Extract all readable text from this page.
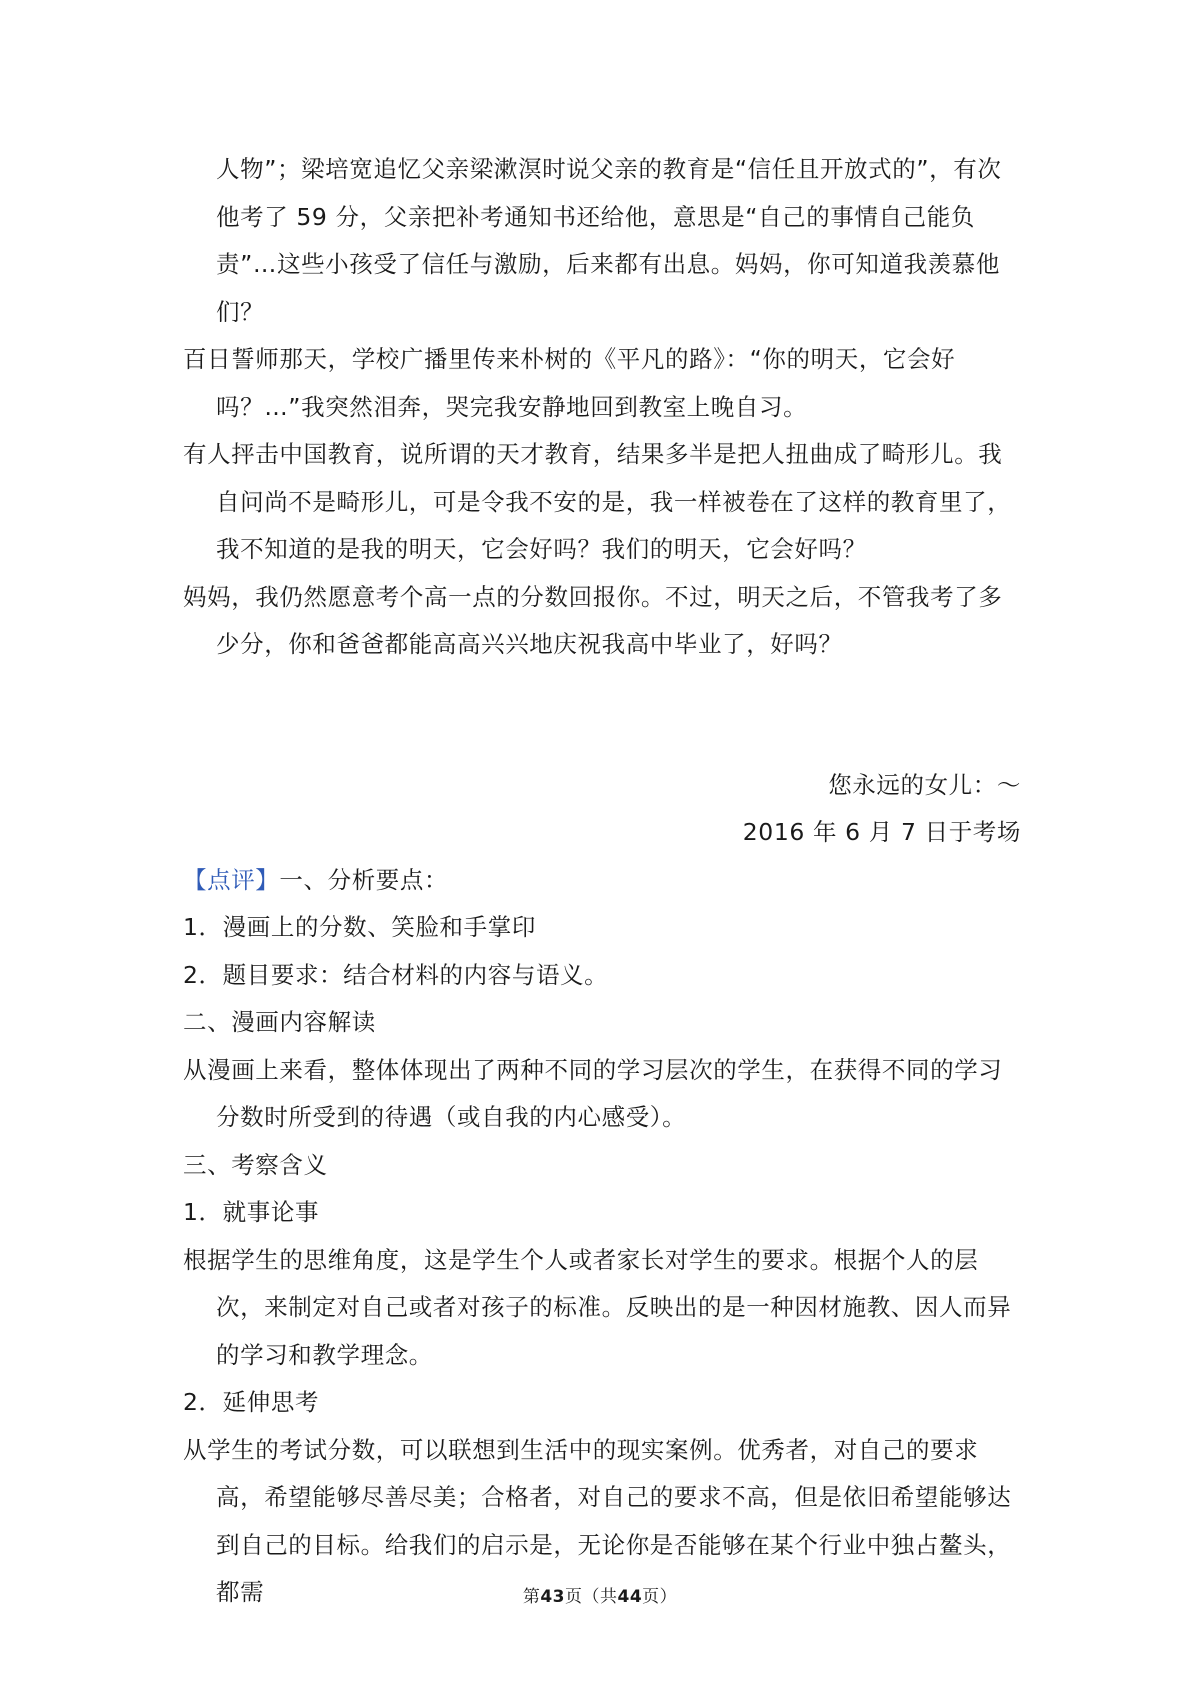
人物”；梁培宽追忆父亲梁漱溟时说父亲的教育是“信任且开放式的”，有次他考了 59 分，父亲把补考通知书还给他，意思是“自己的事情自己能负责”…这些小孩受了信任与激励，后来都有出息。妈妈，你可知道我羡慕他们？

百日誓师那天，学校广播里传来朴树的《平凡的路》：“你的明天，它会好吗？…”我突然泪奔，哭完我安静地回到教室上晚自习。

有人抨击中国教育，说所谓的天才教育，结果多半是把人扭曲成了畸形儿。我自问尚不是畸形儿，可是令我不安的是，我一样被卷在了这样的教育里了，我不知道的是我的明天，它会好吗？我们的明天，它会好吗？

妈妈，我仍然愿意考个高一点的分数回报你。不过，明天之后，不管我考了多少分，你和爸爸都能高高兴兴地庆祝我高中毕业了，好吗？

您永远的女儿：～

2016 年 6 月 7 日于考场

【点评】一、分析要点：

1．漫画上的分数、笑脸和手掌印

2．题目要求：结合材料的内容与语义。

二、漫画内容解读

从漫画上来看，整体体现出了两种不同的学习层次的学生，在获得不同的学习分数时所受到的待遇（或自我的内心感受）。

三、考察含义

1．就事论事

根据学生的思维角度，这是学生个人或者家长对学生的要求。根据个人的层次，来制定对自己或者对孩子的标准。反映出的是一种因材施教、因人而异的学习和教学理念。

2．延伸思考

从学生的考试分数，可以联想到生活中的现实案例。优秀者，对自己的要求高，希望能够尽善尽美；合格者，对自己的要求不高，但是依旧希望能够达到自己的目标。给我们的启示是，无论你是否能够在某个行业中独占鳌头，都需	第43页（共44页）
